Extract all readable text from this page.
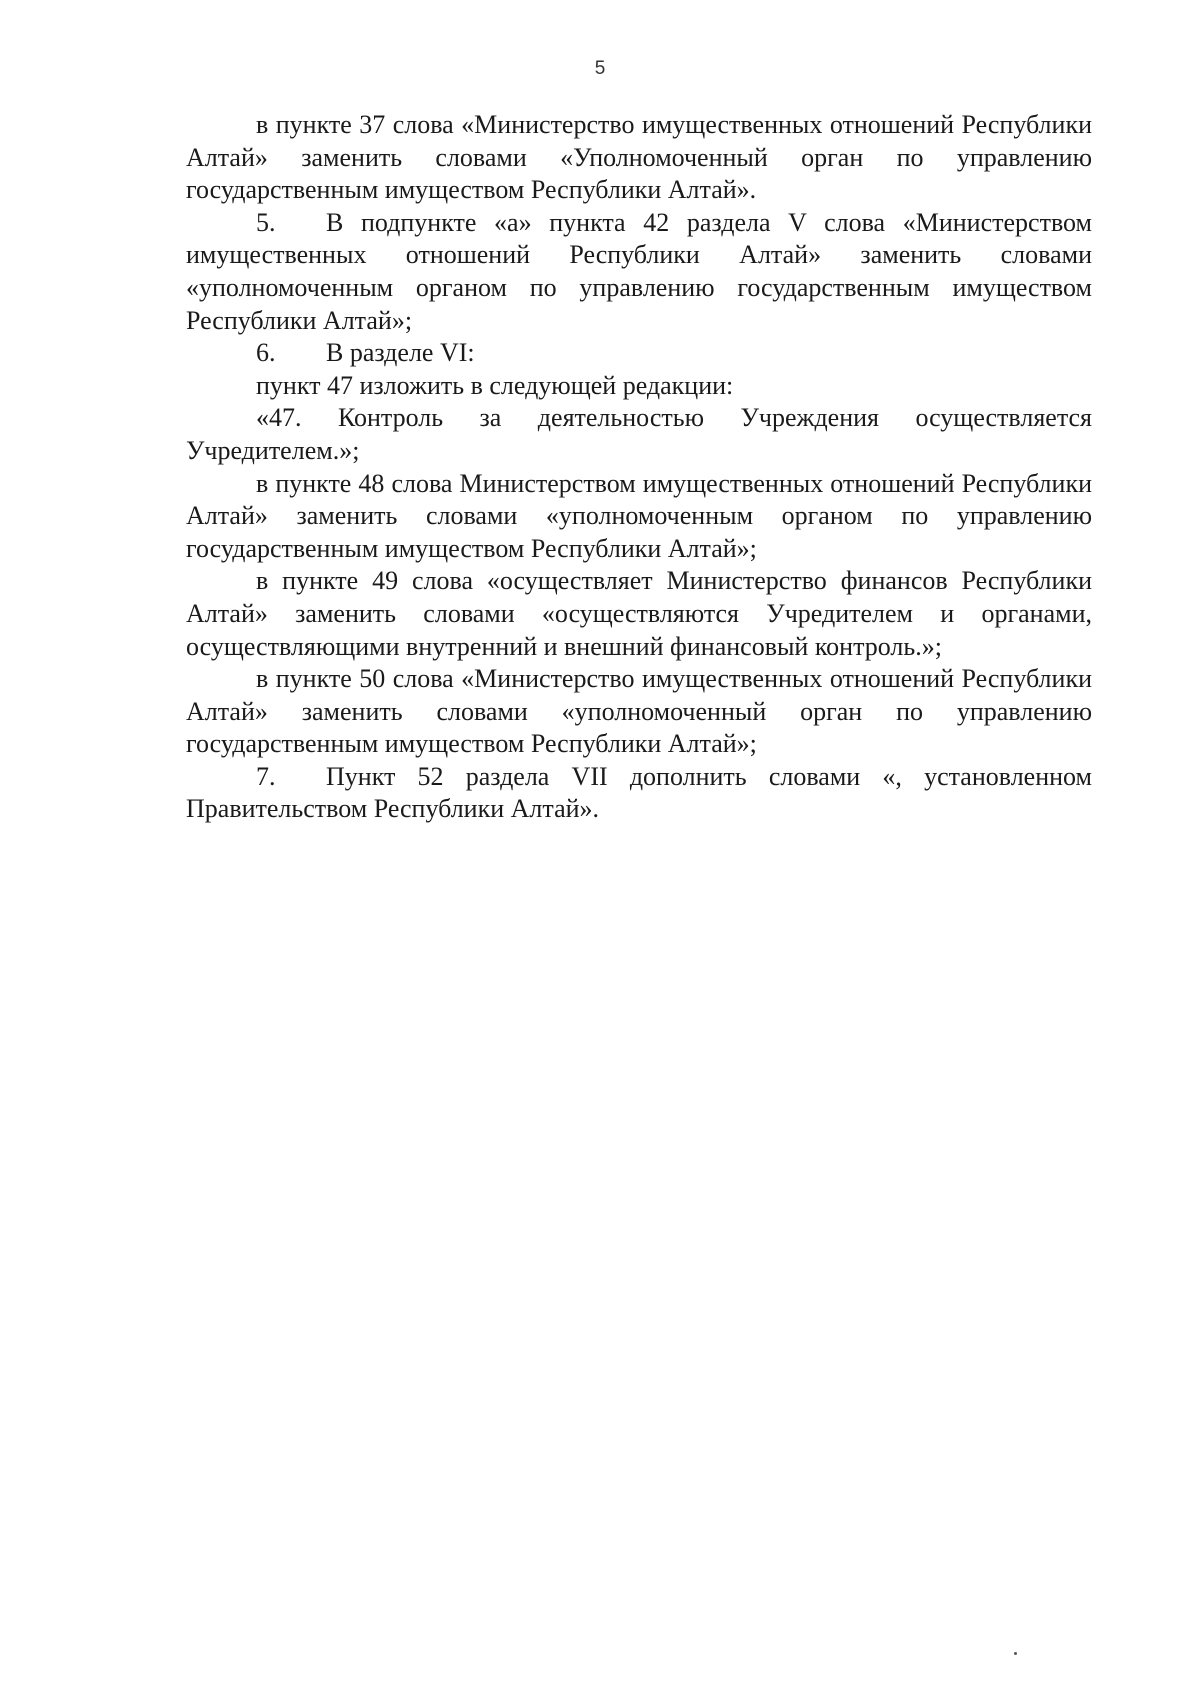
5

в пункте 37 слова «Министерство имущественных отношений Республики Алтай» заменить словами «Уполномоченный орган по управлению государственным имуществом Республики Алтай».

5. В подпункте «а» пункта 42 раздела V слова «Министерством имущественных отношений Республики Алтай» заменить словами «уполномоченным органом по управлению государственным имуществом Республики Алтай»;

6. В разделе VI:

пункт 47 изложить в следующей редакции:

«47. Контроль за деятельностью Учреждения осуществляется Учредителем.»;

в пункте 48 слова Министерством имущественных отношений Республики Алтай» заменить словами «уполномоченным органом по управлению государственным имуществом Республики Алтай»;

в пункте 49 слова «осуществляет Министерство финансов Республики Алтай» заменить словами «осуществляются Учредителем и органами, осуществляющими внутренний и внешний финансовый контроль.»;

в пункте 50 слова «Министерство имущественных отношений Республики Алтай» заменить словами «уполномоченный орган по управлению государственным имуществом Республики Алтай»;

7. Пункт 52 раздела VII дополнить словами «, установленном Правительством Республики Алтай».
